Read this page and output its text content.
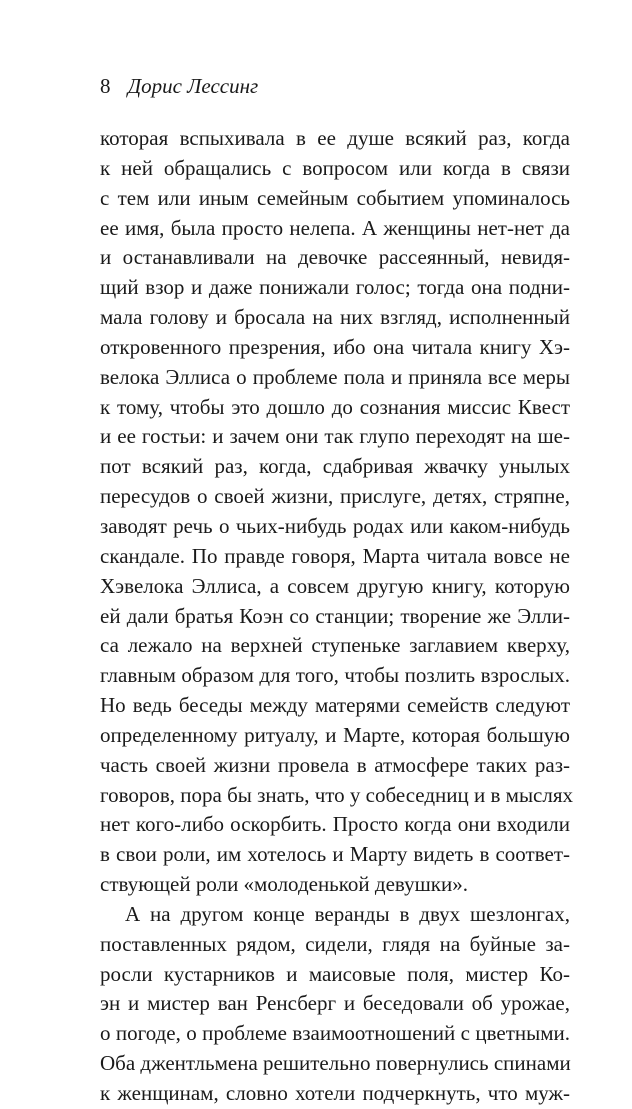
8 Дорис Лессинг
которая вспыхивала в ее душе всякий раз, когда
к ней обращались с вопросом или когда в связи
с тем или иным семейным событием упоминалось
ее имя, была просто нелепа. А женщины нет-нет да
и останавливали на девочке рассеянный, невидя-
щий взор и даже понижали голос; тогда она подни-
мала голову и бросала на них взгляд, исполненный
откровенного презрения, ибо она читала книгу Хэ-
велока Эллиса о проблеме пола и приняла все меры
к тому, чтобы это дошло до сознания миссис Квест
и ее гостьи: и зачем они так глупо переходят на ше-
пот всякий раз, когда, сдабривая жвачку унылых
пересудов о своей жизни, прислуге, детях, стряпне,
заводят речь о чьих-нибудь родах или каком-нибудь
скандале. По правде говоря, Марта читала вовсе не
Хэвелока Эллиса, а совсем другую книгу, которую
ей дали братья Коэн со станции; творение же Элли-
са лежало на верхней ступеньке заглавием кверху,
главным образом для того, чтобы позлить взрослых.
Но ведь беседы между матерями семейств следуют
определенному ритуалу, и Марте, которая большую
часть своей жизни провела в атмосфере таких раз-
говоров, пора бы знать, что у собеседниц и в мыслях
нет кого-либо оскорбить. Просто когда они входили
в свои роли, им хотелось и Марту видеть в соответ-
ствующей роли «молоденькой девушки».
А на другом конце веранды в двух шезлонгах,
поставленных рядом, сидели, глядя на буйные за-
росли кустарников и маисовые поля, мистер Ко-
эн и мистер ван Ренсберг и беседовали об урожае,
о погоде, о проблеме взаимоотношений с цветными.
Оба джентльмена решительно повернулись спинами
к женщинам, словно хотели подчеркнуть, что муж-
